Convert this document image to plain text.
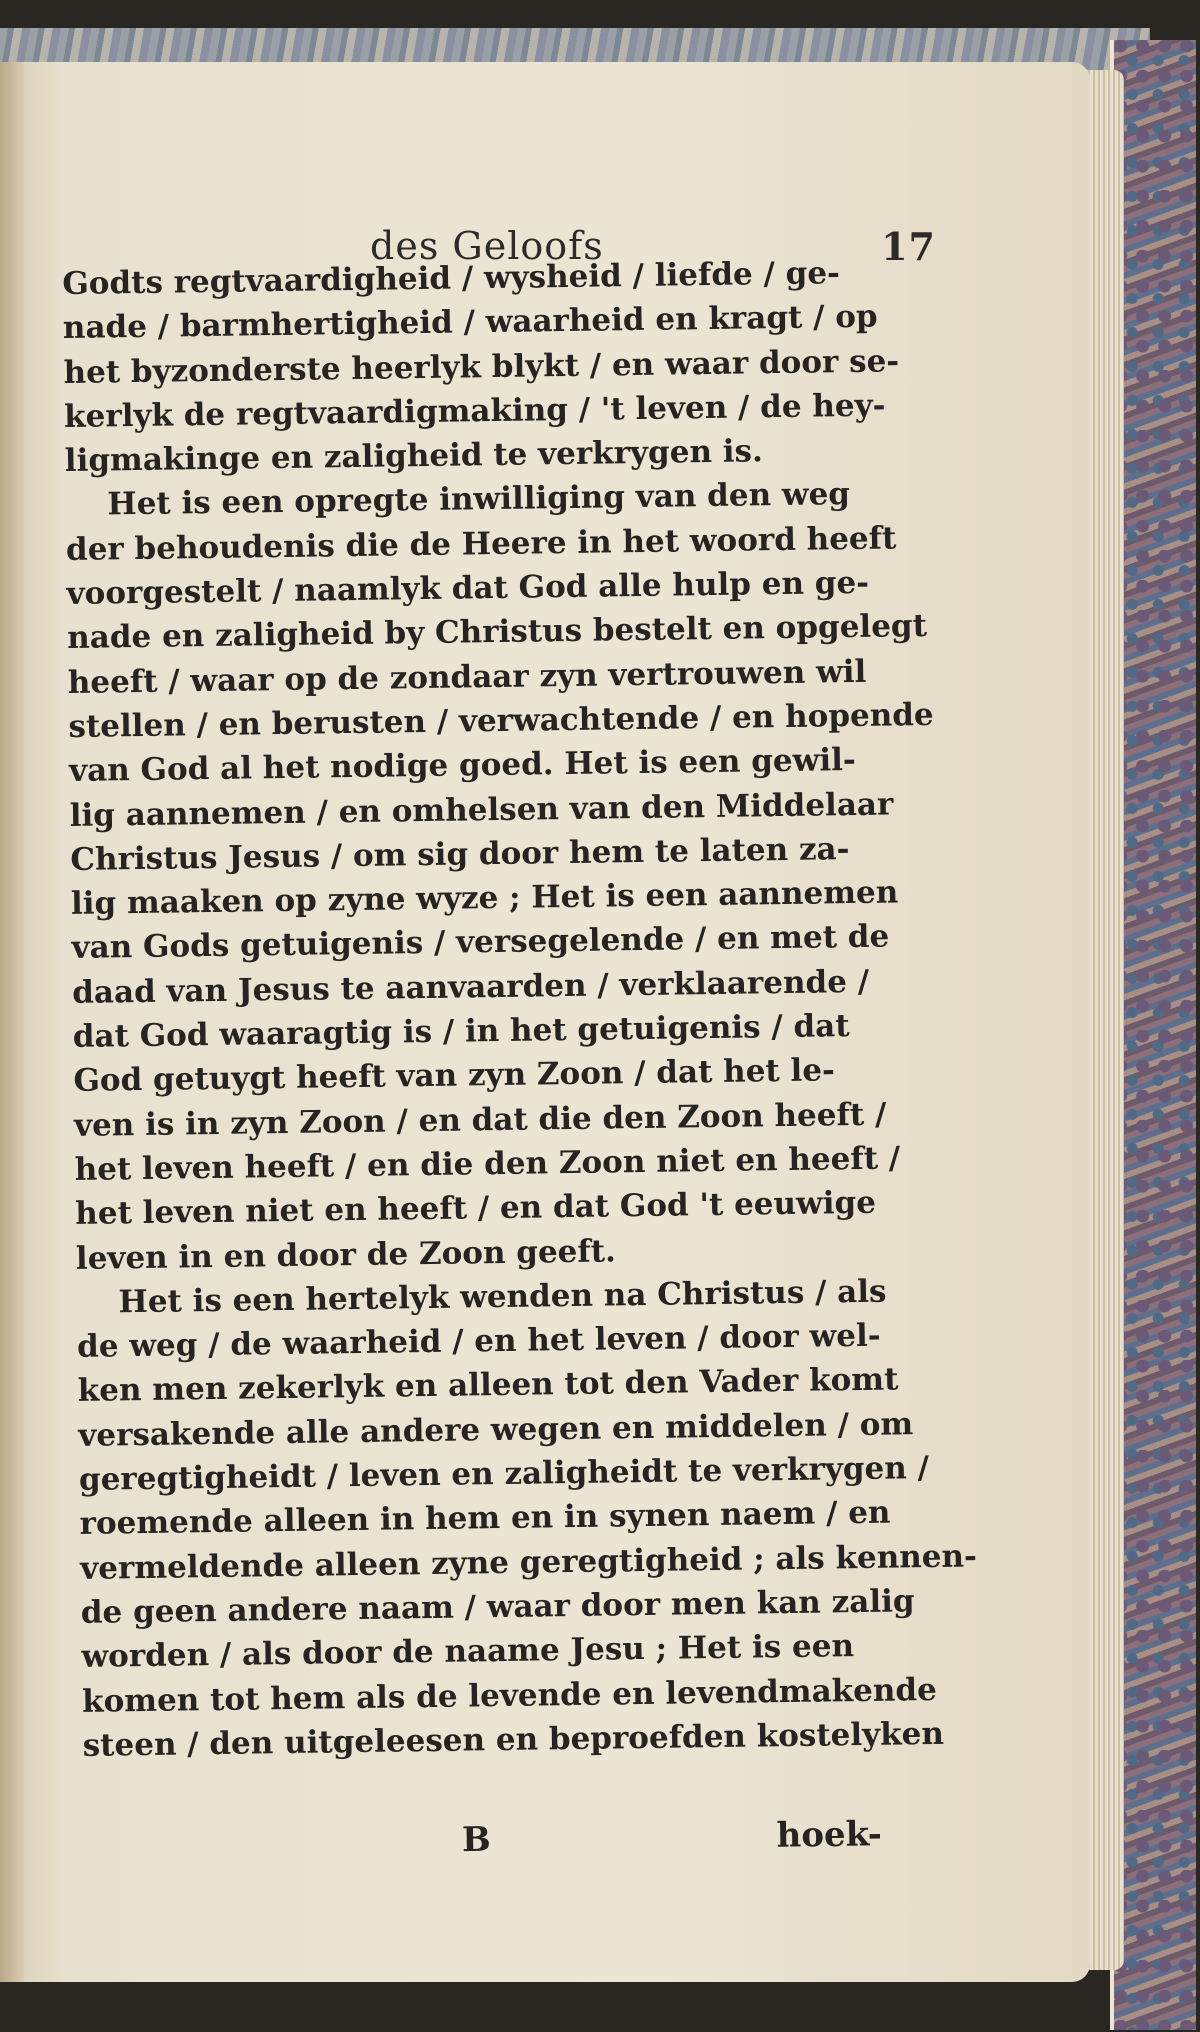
des Geloofs	17
Godts regtvaardigheid / wysheid / liefde / ge-
nade / barmhertigheid / waarheid en kragt / op
het byzonderste heerlyk blykt / en waar door se-
kerlyk de regtvaardigmaking / 't leven / de hey-
ligmakinge en zaligheid te verkrygen is.
Het is een opregte inwilliging van den weg
der behoudenis die de Heere in het woord heeft
voorgestelt / naamlyk dat God alle hulp en ge-
nade en zaligheid by Christus bestelt en opgelegt
heeft / waar op de zondaar zyn vertrouwen wil
stellen / en berusten / verwachtende / en hopende
van God al het nodige goed. Het is een gewil-
lig aannemen / en omhelsen van den Middelaar
Christus Jesus / om sig door hem te laten za-
lig maaken op zyne wyze ; Het is een aannemen
van Gods getuigenis / versegelende / en met de
daad van Jesus te aanvaarden / verklaarende /
dat God waaragtig is / in het getuigenis / dat
God getuygt heeft van zyn Zoon / dat het le-
ven is in zyn Zoon / en dat die den Zoon heeft /
het leven heeft / en die den Zoon niet en heeft /
het leven niet en heeft / en dat God 't eeuwige
leven in en door de Zoon geeft.
Het is een hertelyk wenden na Christus / als
de weg / de waarheid / en het leven / door wel-
ken men zekerlyk en alleen tot den Vader komt
versakende alle andere wegen en middelen / om
geregtigheidt / leven en zaligheidt te verkrygen /
roemende alleen in hem en in synen naem / en
vermeldende alleen zyne geregtigheid ; als kennen-
de geen andere naam / waar door men kan zalig
worden / als door de naame Jesu ; Het is een
komen tot hem als de levende en levendmakende
steen / den uitgeleesen en beproefden kostelyken
B	hoek-
